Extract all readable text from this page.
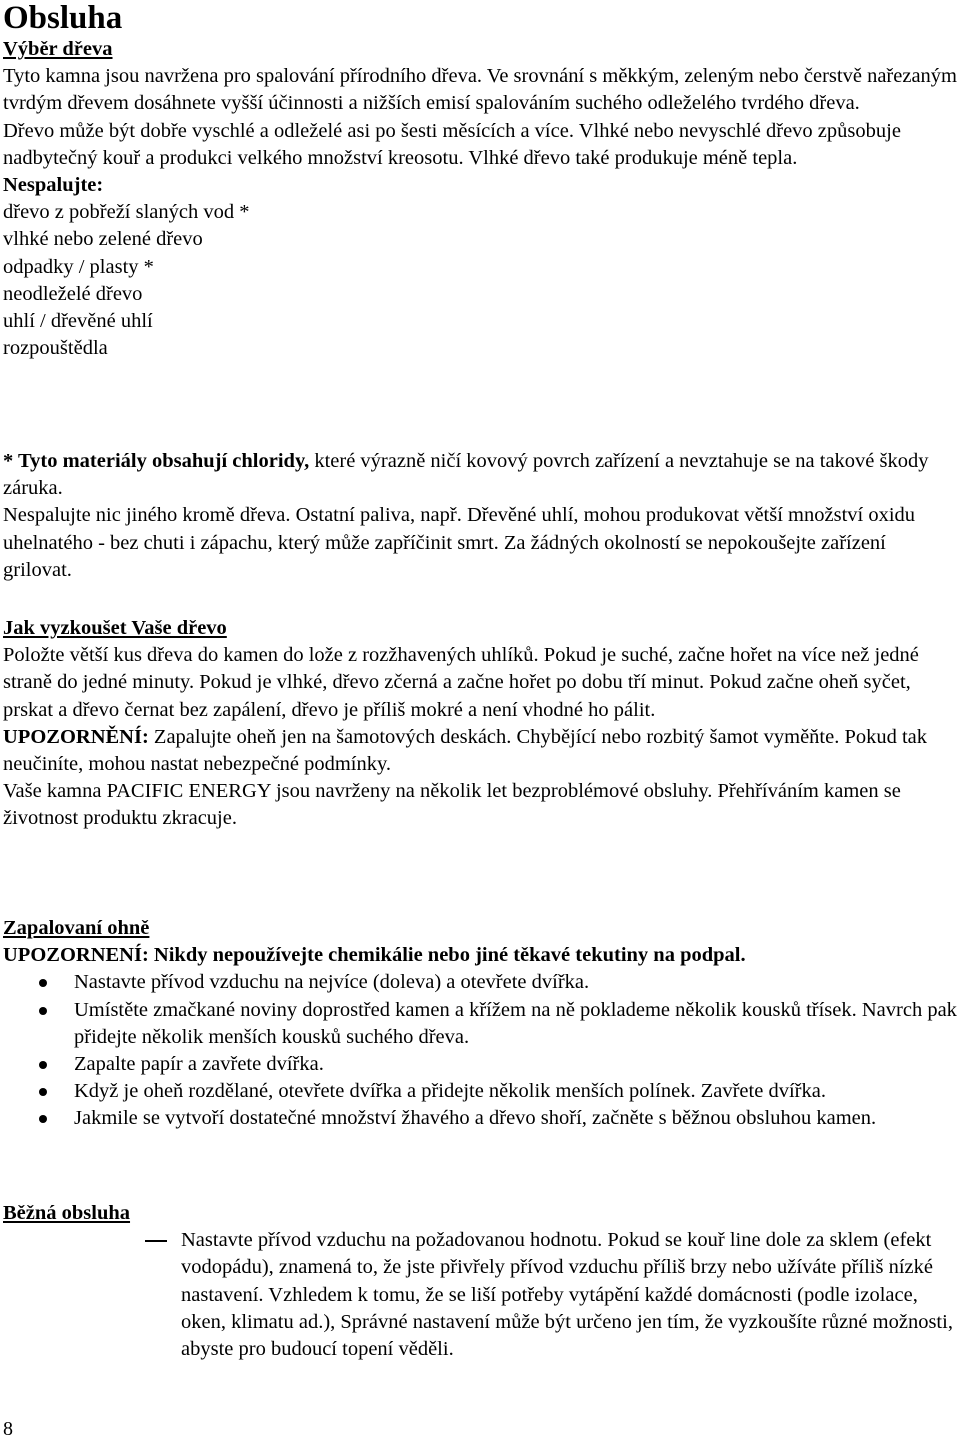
Obsluha

Výběr dřeva

Tyto kamna jsou navržena pro spalování přírodního dřeva. Ve srovnání s měkkým, zeleným nebo čerstvě nařezaným tvrdým dřevem dosáhnete vyšší účinnosti a nižších emisí spalováním suchého odleželého tvrdého dřeva.

Dřevo může být dobře vyschlé a odleželé asi po šesti měsících a více. Vlhké nebo nevyschlé dřevo způsobuje nadbytečný kouř a produkci velkého množství kreosotu. Vlhké dřevo také produkuje méně tepla.

Nespalujte:

dřevo z pobřeží slaných vod *
vlhké nebo zelené dřevo
odpadky / plasty *
neodleželé dřevo
uhlí / dřevěné uhlí
rozpouštědla

* Tyto materiály obsahují chloridy, které výrazně ničí kovový povrch zařízení a nevztahuje se na takové škody záruka.

Nespalujte nic jiného kromě dřeva. Ostatní paliva, např. Dřevěné uhlí, mohou produkovat větší množství oxidu uhelnatého - bez chuti i zápachu, který může zapříčinit smrt. Za žádných okolností se nepokoušejte zařízení grilovat.

Jak vyzkoušet Vaše dřevo

Položte větší kus dřeva do kamen do lože z rozžhavených uhlíků. Pokud je suché, začne hořet na více než jedné straně do jedné minuty. Pokud je vlhké, dřevo zčerná a začne hořet po dobu tří minut. Pokud začne oheň syčet, prskat a dřevo černat bez zapálení, dřevo je příliš mokré a není vhodné ho pálit.

UPOZORNĚNÍ: Zapalujte oheň jen na šamotových deskách. Chybějící nebo rozbitý šamot vyměňte. Pokud tak neučiníte, mohou nastat nebezpečné podmínky.

Vaše kamna PACIFIC ENERGY jsou navrženy na několik let bezproblémové obsluhy. Přehříváním kamen se životnost produktu zkracuje.

Zapalovaní ohně

UPOZORNENÍ: Nikdy nepoužívejte chemikálie nebo jiné těkavé tekutiny na podpal.

Nastavte přívod vzduchu na nejvíce (doleva) a otevřete dvířka.
Umístěte zmačkané noviny doprostřed kamen a křížem na ně poklademe několik kousků třísek. Navrch pak přidejte několik menších kousků suchého dřeva.
Zapalte papír a zavřete dvířka.
Když je oheň rozdělané, otevřete dvířka a přidejte několik menších polínek. Zavřete dvířka.
Jakmile se vytvoří dostatečné množství žhavého a dřevo shoří, začněte s běžnou obsluhou kamen.

Běžná obsluha

Nastavte přívod vzduchu na požadovanou hodnotu. Pokud se kouř line dole za sklem (efekt vodopádu), znamená to, že jste přivřely přívod vzduchu příliš brzy nebo užíváte příliš nízké nastavení. Vzhledem k tomu, že se liší potřeby vytápění každé domácnosti (podle izolace, oken, klimatu ad.), Správné nastavení může být určeno jen tím, že vyzkoušíte různé možnosti, abyste pro budoucí topení věděli.
8
